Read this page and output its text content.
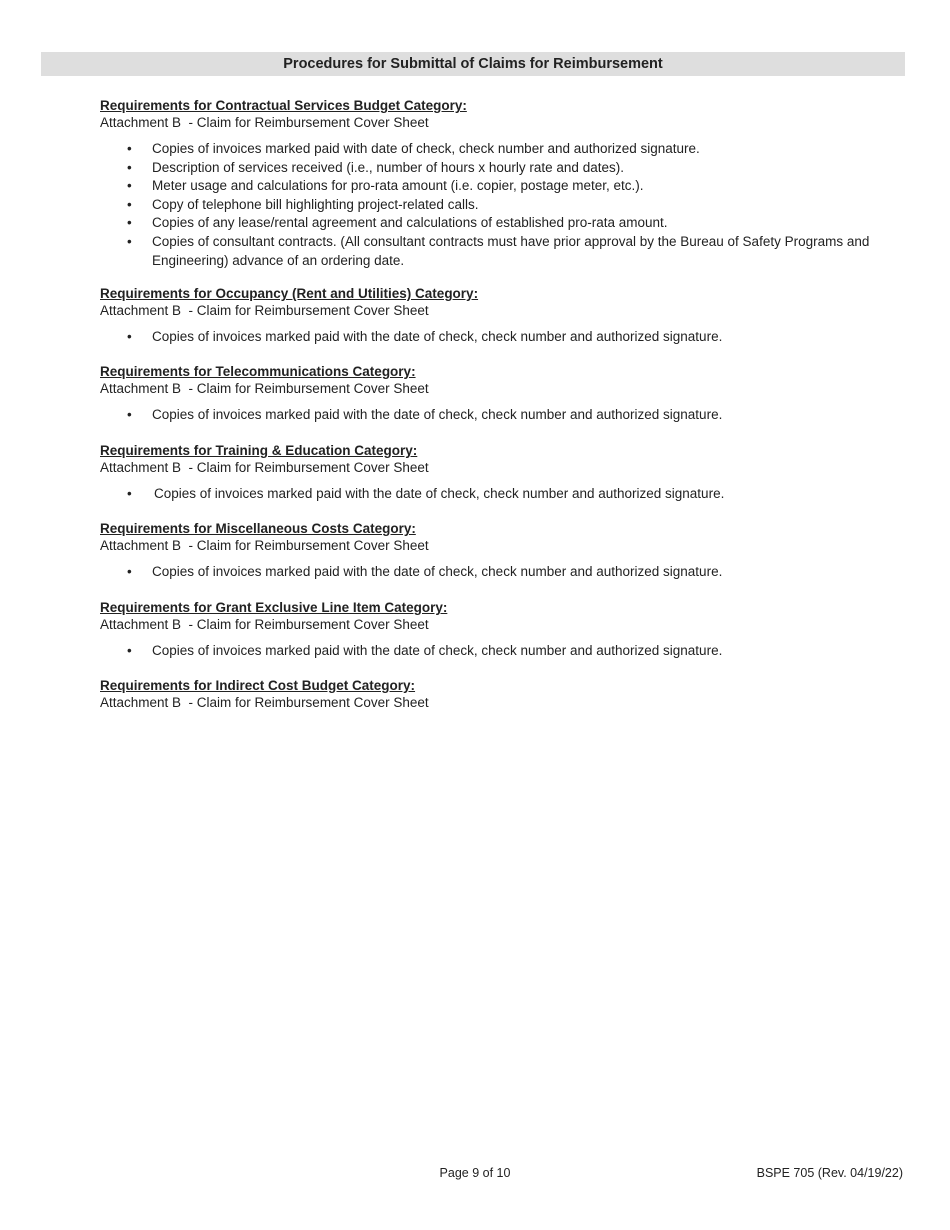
Procedures for Submittal of Claims for Reimbursement
Requirements for Contractual Services Budget Category:
Attachment B  - Claim for Reimbursement Cover Sheet
• Copies of invoices marked paid with date of check, check number and authorized signature.
• Description of services received (i.e., number of hours x hourly rate and dates).
• Meter usage and calculations for pro-rata amount (i.e. copier, postage meter, etc.).
• Copy of telephone bill highlighting project-related calls.
• Copies of any lease/rental agreement and calculations of established pro-rata amount.
• Copies of consultant contracts. (All consultant contracts must have prior approval by the Bureau of Safety Programs and Engineering) advance of an ordering date.
Requirements for Occupancy (Rent and Utilities) Category:
Attachment B  - Claim for Reimbursement Cover Sheet
• Copies of invoices marked paid with the date of check, check number and authorized signature.
Requirements for Telecommunications Category:
Attachment B  - Claim for Reimbursement Cover Sheet
• Copies of invoices marked paid with the date of check, check number and authorized signature.
Requirements for Training & Education Category:
Attachment B  - Claim for Reimbursement Cover Sheet
• Copies of invoices marked paid with the date of check, check number and authorized signature.
Requirements for Miscellaneous Costs Category:
Attachment B  - Claim for Reimbursement Cover Sheet
• Copies of invoices marked paid with the date of check, check number and authorized signature.
Requirements for Grant Exclusive Line Item Category:
Attachment B  - Claim for Reimbursement Cover Sheet
• Copies of invoices marked paid with the date of check, check number and authorized signature.
Requirements for Indirect Cost Budget Category:
Attachment B  - Claim for Reimbursement Cover Sheet
Page 9 of 10	BSPE 705 (Rev. 04/19/22)
